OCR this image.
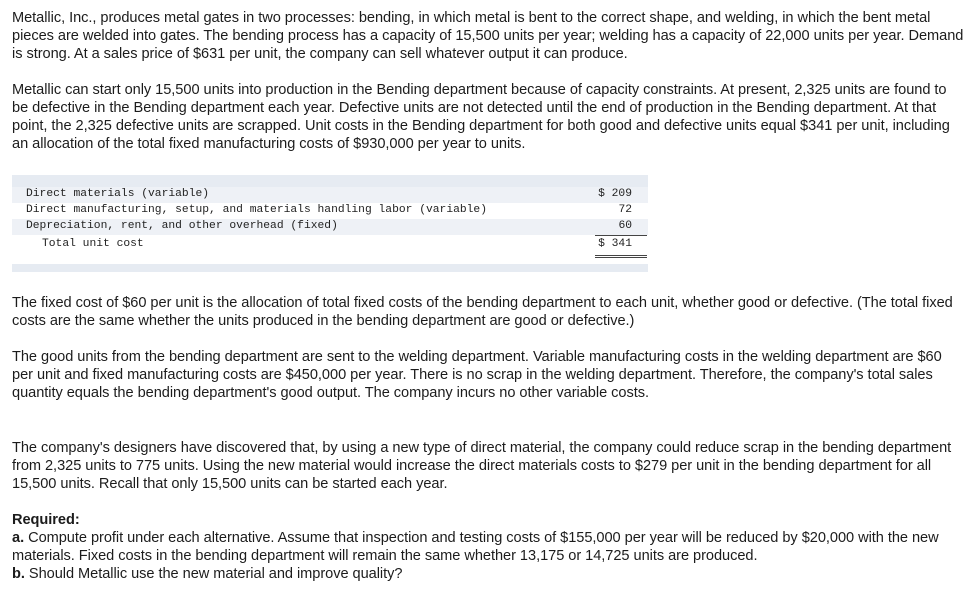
Metallic, Inc., produces metal gates in two processes: bending, in which metal is bent to the correct shape, and welding, in which the bent metal pieces are welded into gates. The bending process has a capacity of 15,500 units per year; welding has a capacity of 22,000 units per year. Demand is strong. At a sales price of $631 per unit, the company can sell whatever output it can produce.

Metallic can start only 15,500 units into production in the Bending department because of capacity constraints. At present, 2,325 units are found to be defective in the Bending department each year. Defective units are not detected until the end of production in the Bending department. At that point, the 2,325 defective units are scrapped. Unit costs in the Bending department for both good and defective units equal $341 per unit, including an allocation of the total fixed manufacturing costs of $930,000 per year to units.

Direct materials (variable)	$ 209
Direct manufacturing, setup, and materials handling labor (variable)	72
Depreciation, rent, and other overhead (fixed)	60
Total unit cost	$ 341

The fixed cost of $60 per unit is the allocation of total fixed costs of the bending department to each unit, whether good or defective. (The total fixed costs are the same whether the units produced in the bending department are good or defective.)

The good units from the bending department are sent to the welding department. Variable manufacturing costs in the welding department are $60 per unit and fixed manufacturing costs are $450,000 per year. There is no scrap in the welding department. Therefore, the company's total sales quantity equals the bending department's good output. The company incurs no other variable costs.

The company's designers have discovered that, by using a new type of direct material, the company could reduce scrap in the bending department from 2,325 units to 775 units. Using the new material would increase the direct materials costs to $279 per unit in the bending department for all 15,500 units. Recall that only 15,500 units can be started each year.

Required:
a. Compute profit under each alternative. Assume that inspection and testing costs of $155,000 per year will be reduced by $20,000 with the new materials. Fixed costs in the bending department will remain the same whether 13,175 or 14,725 units are produced.
b. Should Metallic use the new material and improve quality?
